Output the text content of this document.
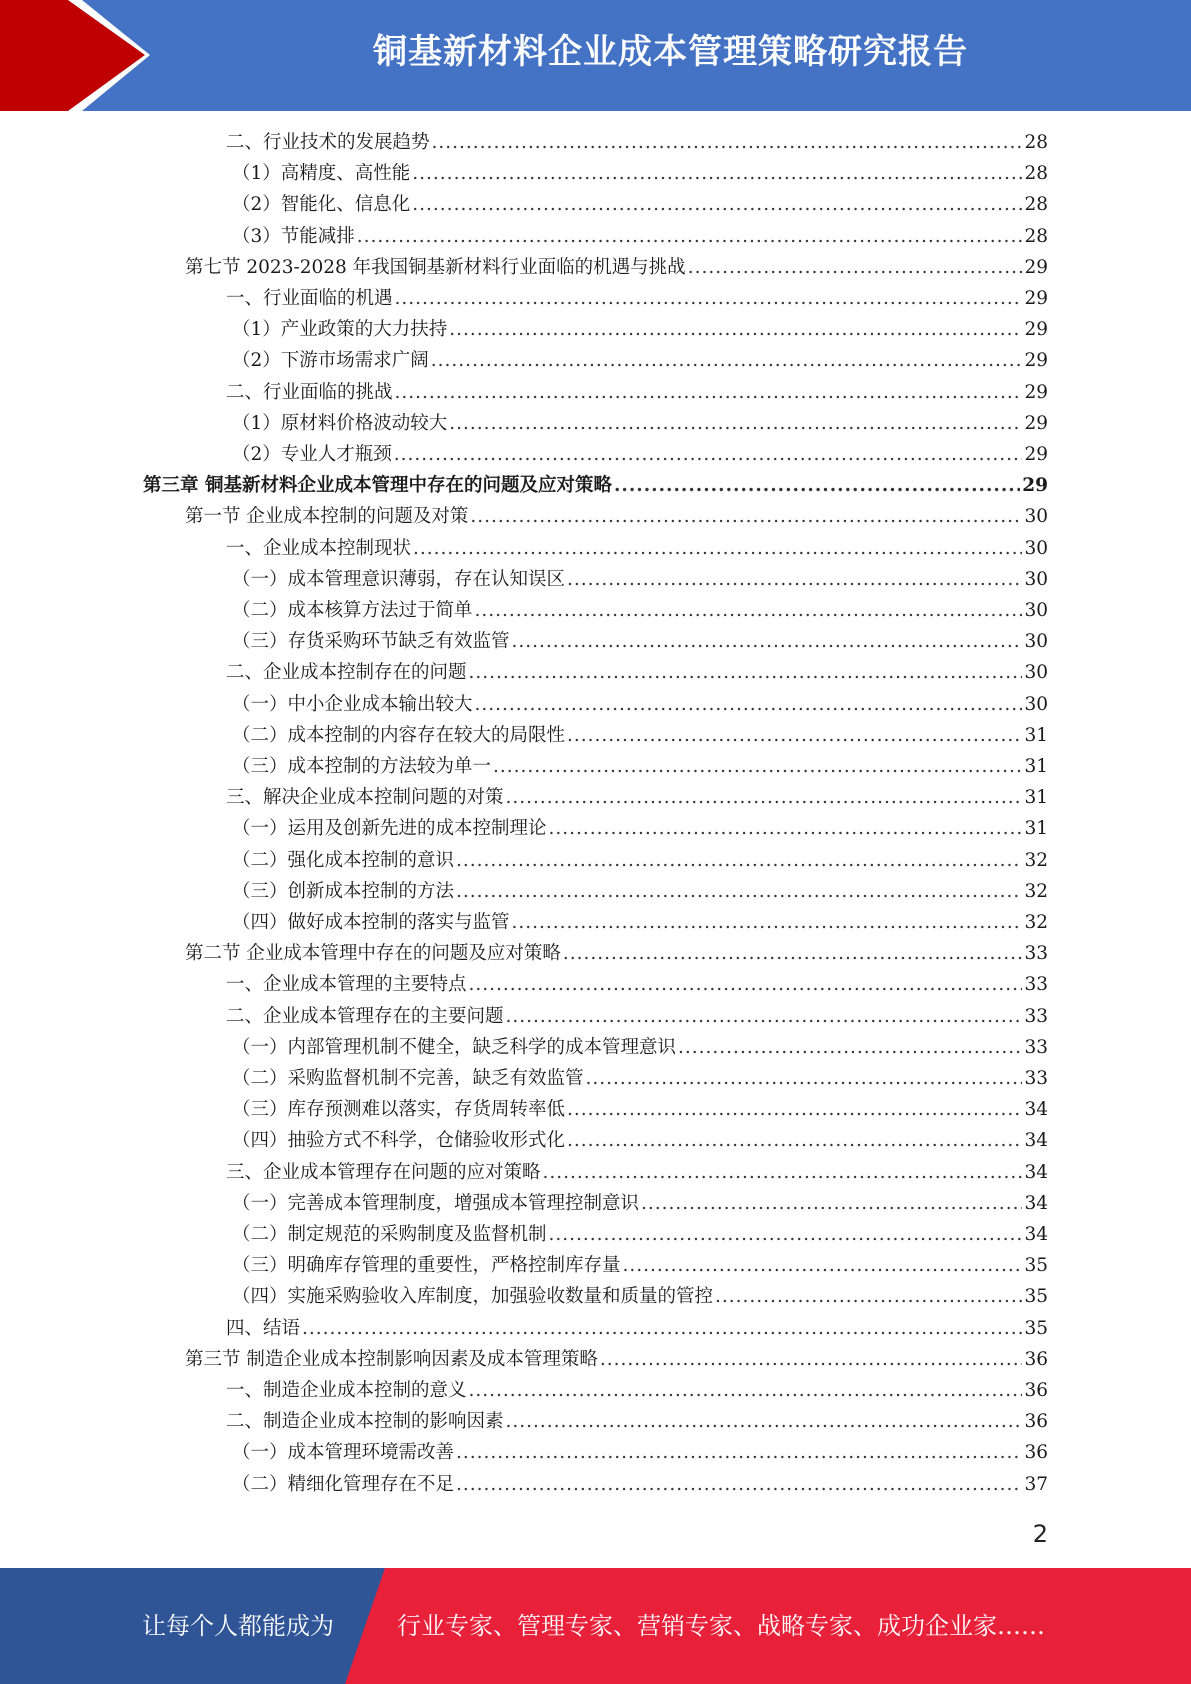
铜基新材料企业成本管理策略研究报告
二、行业技术的发展趋势 .....	28
（1）高精度、高性能 .....	28
（2）智能化、信息化 .....	28
（3）节能减排 .....	28
第七节 2023-2028 年我国铜基新材料行业面临的机遇与挑战 .....	29
一、行业面临的机遇 .....	29
（1）产业政策的大力扶持 .....	29
（2）下游市场需求广阔 .....	29
二、行业面临的挑战 .....	29
（1）原材料价格波动较大 .....	29
（2）专业人才瓶颈 .....	29
第三章 铜基新材料企业成本管理中存在的问题及应对策略 .....	29
第一节 企业成本控制的问题及对策 .....	30
一、企业成本控制现状 .....	30
（一）成本管理意识薄弱，存在认知误区 .....	30
（二）成本核算方法过于简单 .....	30
（三）存货采购环节缺乏有效监管 .....	30
二、企业成本控制存在的问题 .....	30
（一）中小企业成本输出较大 .....	30
（二）成本控制的内容存在较大的局限性 .....	31
（三）成本控制的方法较为单一 .....	31
三、解决企业成本控制问题的对策 .....	31
（一）运用及创新先进的成本控制理论 .....	31
（二）强化成本控制的意识 .....	32
（三）创新成本控制的方法 .....	32
（四）做好成本控制的落实与监管 .....	32
第二节 企业成本管理中存在的问题及应对策略 .....	33
一、企业成本管理的主要特点 .....	33
二、企业成本管理存在的主要问题 .....	33
（一）内部管理机制不健全，缺乏科学的成本管理意识 .....	33
（二）采购监督机制不完善，缺乏有效监管 .....	33
（三）库存预测难以落实，存货周转率低 .....	34
（四）抽验方式不科学，仓储验收形式化 .....	34
三、企业成本管理存在问题的应对策略 .....	34
（一）完善成本管理制度，增强成本管理控制意识 .....	34
（二）制定规范的采购制度及监督机制 .....	34
（三）明确库存管理的重要性，严格控制库存量 .....	35
（四）实施采购验收入库制度，加强验收数量和质量的管控 .....	35
四、结语 .....	35
第三节 制造企业成本控制影响因素及成本管理策略 .....	36
一、制造企业成本控制的意义 .....	36
二、制造企业成本控制的影响因素 .....	36
（一）成本管理环境需改善 .....	36
（二）精细化管理存在不足 .....	37
2
让每个人都能成为	行业专家、管理专家、营销专家、战略专家、成功企业家……
